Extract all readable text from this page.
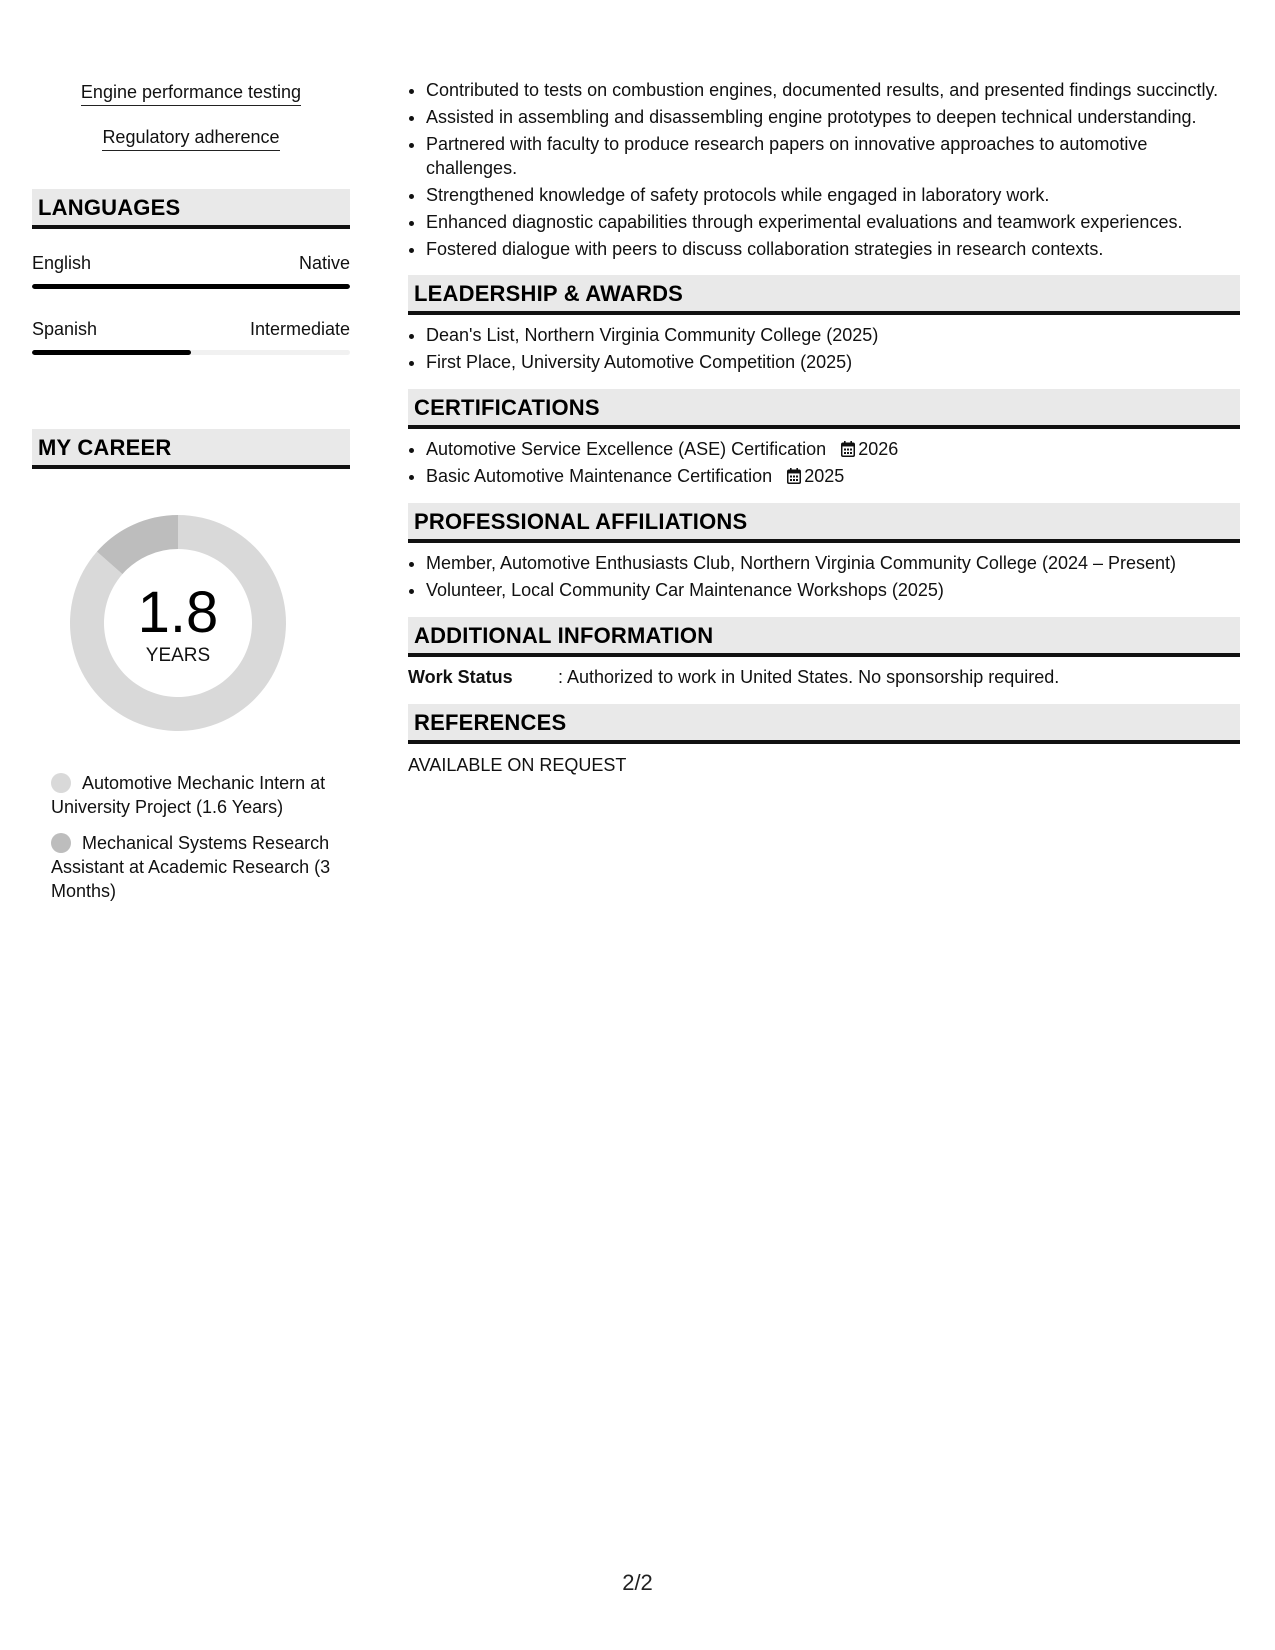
Engine performance testing
Regulatory adherence
LANGUAGES
English	Native
Spanish	Intermediate
MY CAREER
1.8
YEARS
Automotive Mechanic Intern at University Project (1.6 Years)
Mechanical Systems Research Assistant at Academic Research (3 Months)
• Contributed to tests on combustion engines, documented results, and presented findings succinctly.
• Assisted in assembling and disassembling engine prototypes to deepen technical understanding.
• Partnered with faculty to produce research papers on innovative approaches to automotive challenges.
• Strengthened knowledge of safety protocols while engaged in laboratory work.
• Enhanced diagnostic capabilities through experimental evaluations and teamwork experiences.
• Fostered dialogue with peers to discuss collaboration strategies in research contexts.
LEADERSHIP & AWARDS
• Dean's List, Northern Virginia Community College (2025)
• First Place, University Automotive Competition (2025)
CERTIFICATIONS
• Automotive Service Excellence (ASE) Certification 2026
• Basic Automotive Maintenance Certification 2025
PROFESSIONAL AFFILIATIONS
• Member, Automotive Enthusiasts Club, Northern Virginia Community College (2024 – Present)
• Volunteer, Local Community Car Maintenance Workshops (2025)
ADDITIONAL INFORMATION
Work Status	: Authorized to work in United States. No sponsorship required.
REFERENCES
AVAILABLE ON REQUEST
2/2
